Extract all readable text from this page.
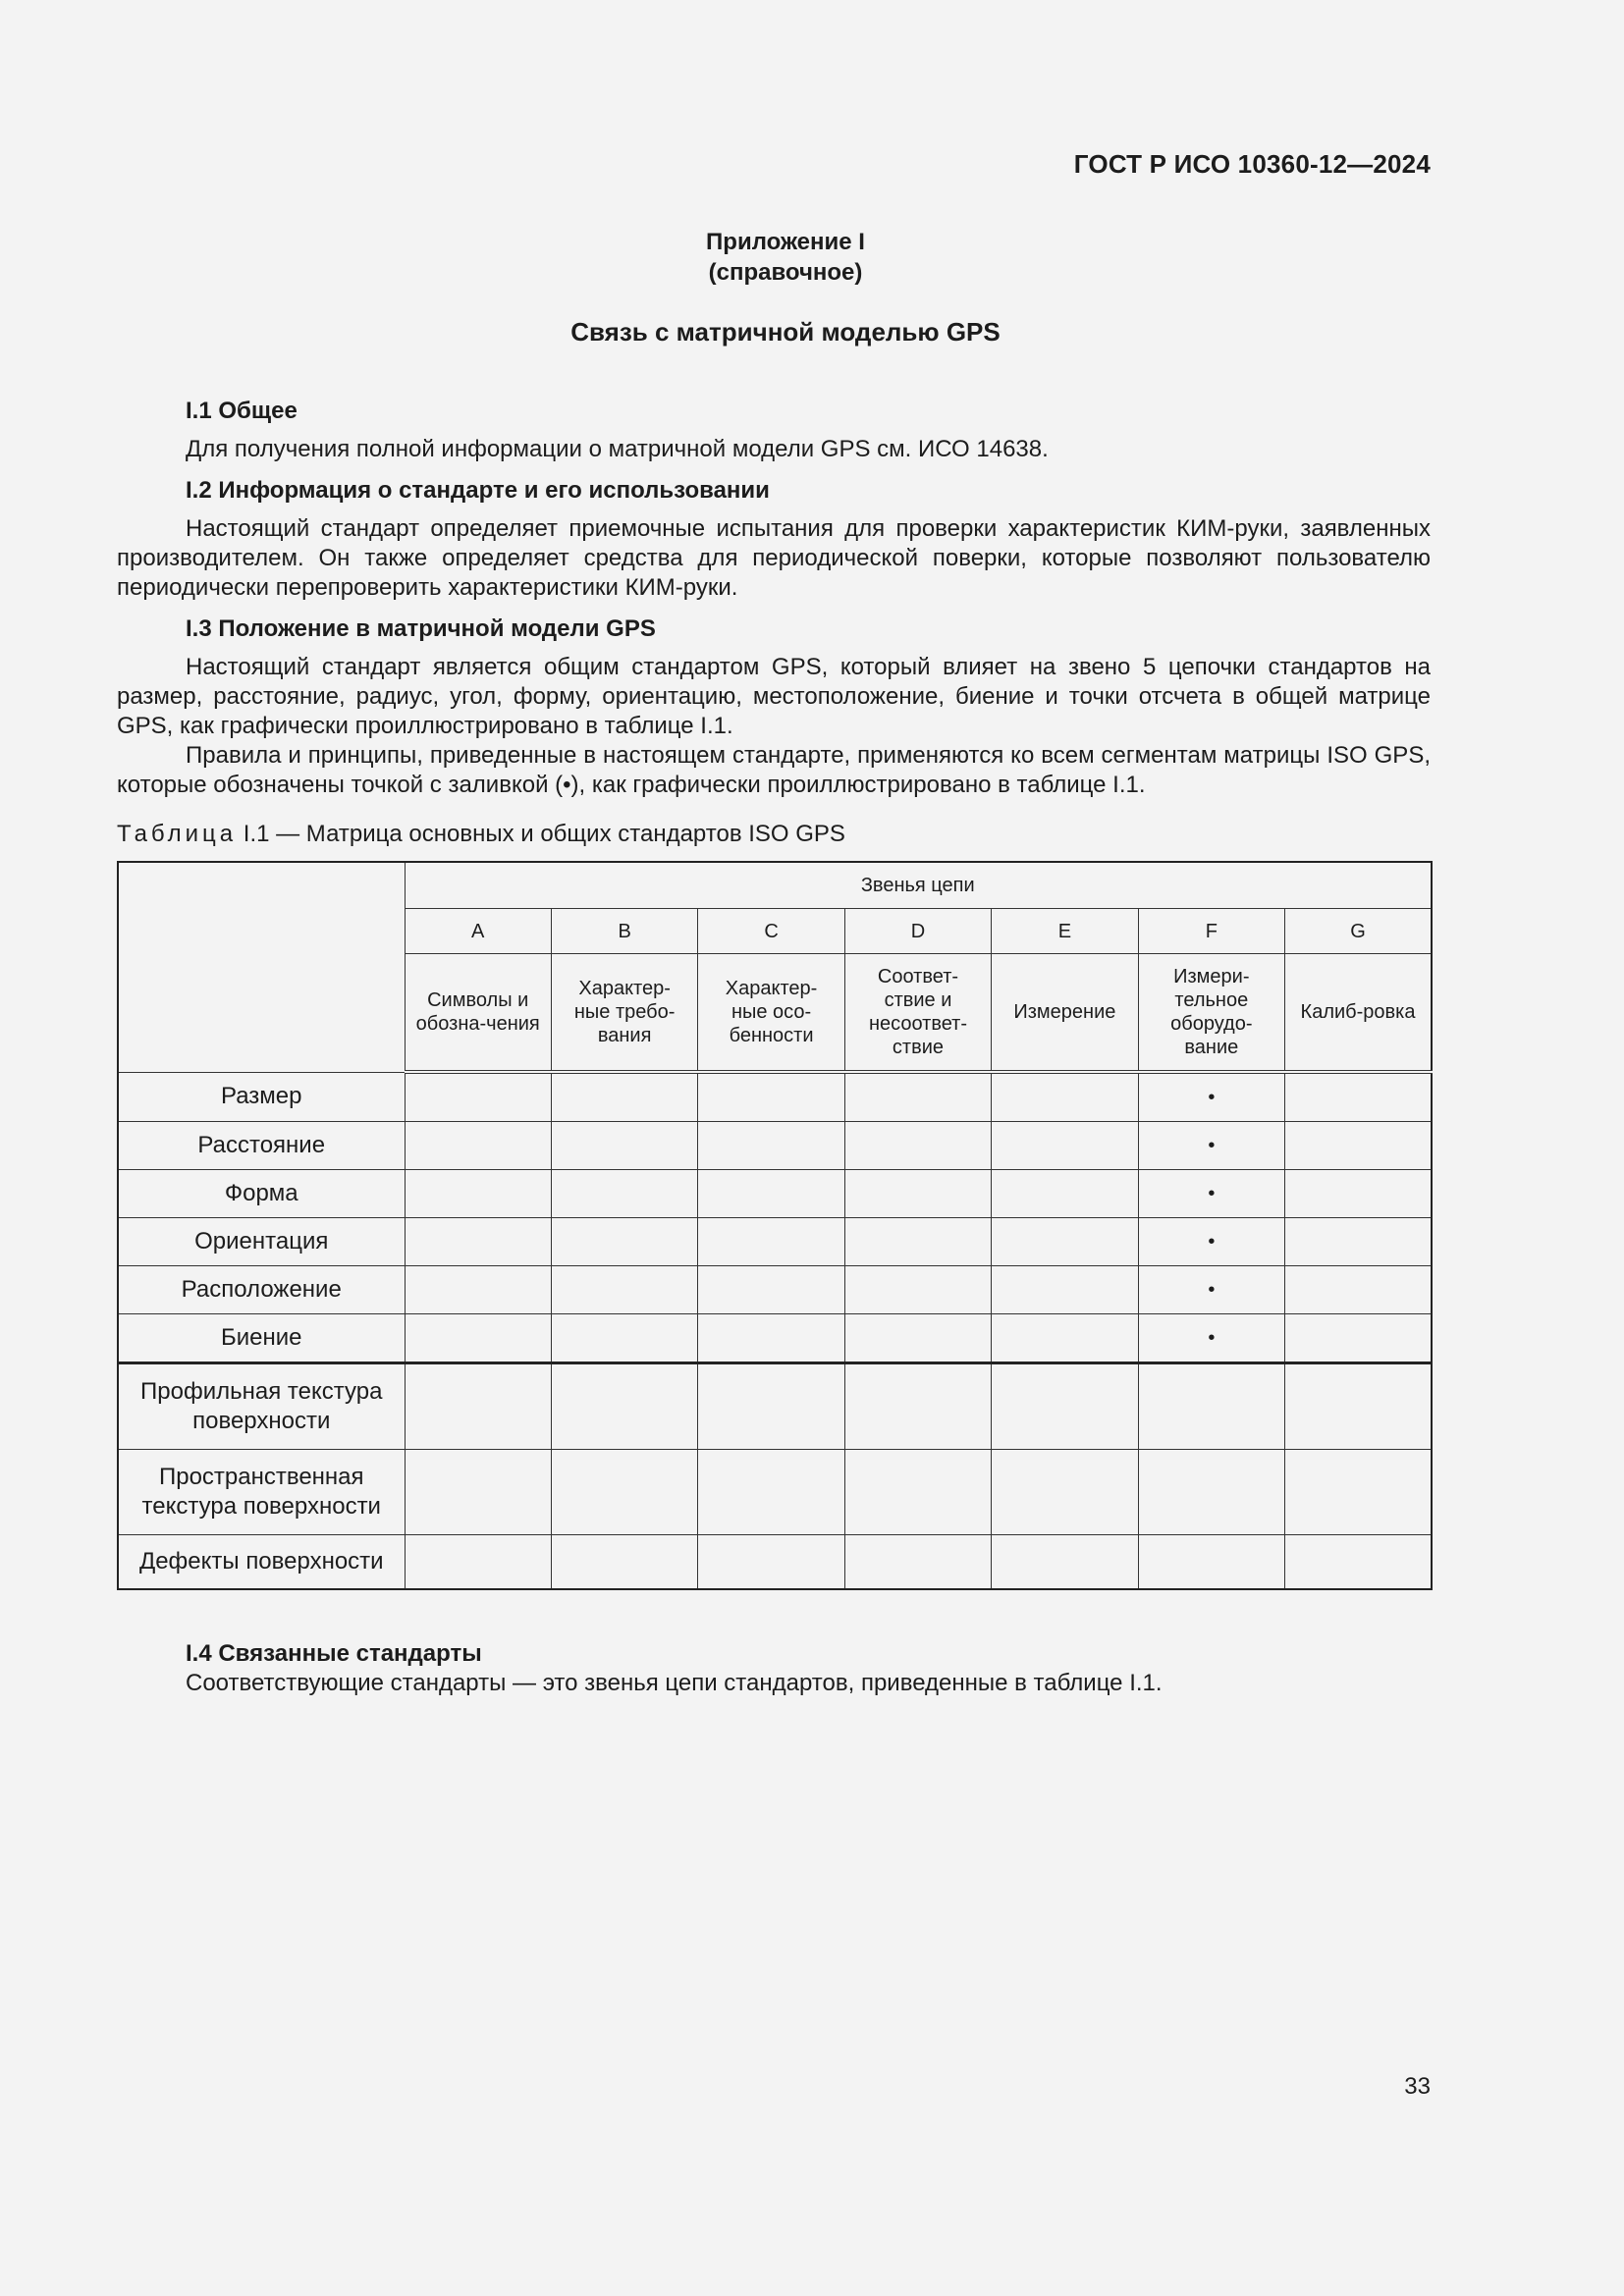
ГОСТ Р ИСО 10360-12—2024
Приложение I
(справочное)
Связь с матричной моделью GPS
I.1 Общее

Для получения полной информации о матричной модели GPS см. ИСО 14638.

I.2 Информация о стандарте и его использовании

Настоящий стандарт определяет приемочные испытания для проверки характеристик КИМ-руки, заявленных производителем. Он также определяет средства для периодической поверки, которые позволяют пользователю периодически перепроверить характеристики КИМ-руки.

I.3 Положение в матричной модели GPS

Настоящий стандарт является общим стандартом GPS, который влияет на звено 5 цепочки стандартов на размер, расстояние, радиус, угол, форму, ориентацию, местоположение, биение и точки отсчета в общей матрице GPS, как графически проиллюстрировано в таблице I.1.

Правила и принципы, приведенные в настоящем стандарте, применяются ко всем сегментам матрицы ISO GPS, которые обозначены точкой с заливкой (•), как графически проиллюстрировано в таблице I.1.

Таблица I.1 — Матрица основных и общих стандартов ISO GPS
	Звенья цепи						
	A	B	C	D	E	F	G
	Символы и обозна-чения	Характер-ные требо-вания	Характер-ные осо-бенности	Соответ-ствие и несоответ-ствие	Измерение	Измери-тельное оборудо-вание	Калиб-ровка
Размер						•	
Расстояние						•	
Форма						•	
Ориентация						•	
Расположение						•	
Биение						•	
Профильная текстура поверхности							
Пространственная текстура поверхности							
Дефекты поверхности							
I.4 Связанные стандарты
Соответствующие стандарты — это звенья цепи стандартов, приведенные в таблице I.1.
33
